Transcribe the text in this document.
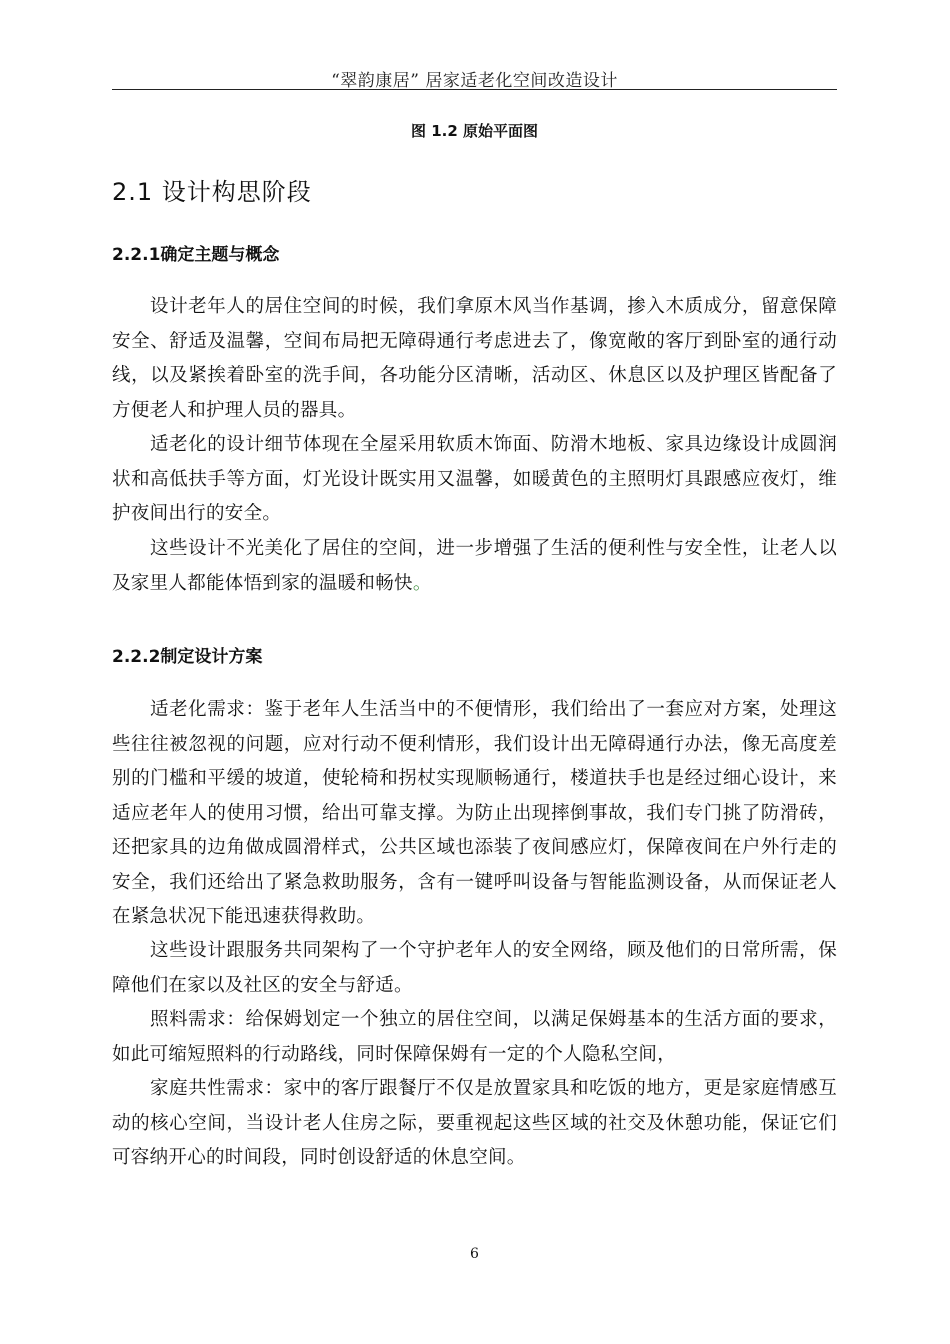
“翠韵康居” 居家适老化空间改造设计
图 1.2 原始平面图
2.1 设计构思阶段
2.2.1确定主题与概念

设计老年人的居住空间的时候，我们拿原木风当作基调，掺入木质成分，留意保障安全、舒适及温馨，空间布局把无障碍通行考虑进去了，像宽敞的客厅到卧室的通行动线，以及紧挨着卧室的洗手间，各功能分区清晰，活动区、休息区以及护理区皆配备了方便老人和护理人员的器具。

适老化的设计细节体现在全屋采用软质木饰面、防滑木地板、家具边缘设计成圆润状和高低扶手等方面，灯光设计既实用又温馨，如暖黄色的主照明灯具跟感应夜灯，维护夜间出行的安全。

这些设计不光美化了居住的空间，进一步增强了生活的便利性与安全性，让老人以及家里人都能体悟到家的温暖和畅快。

2.2.2制定设计方案

适老化需求：鉴于老年人生活当中的不便情形，我们给出了一套应对方案，处理这些往往被忽视的问题，应对行动不便利情形，我们设计出无障碍通行办法，像无高度差别的门槛和平缓的坡道，使轮椅和拐杖实现顺畅通行，楼道扶手也是经过细心设计，来适应老年人的使用习惯，给出可靠支撑。为防止出现摔倒事故，我们专门挑了防滑砖，还把家具的边角做成圆滑样式，公共区域也添装了夜间感应灯，保障夜间在户外行走的安全，我们还给出了紧急救助服务，含有一键呼叫设备与智能监测设备，从而保证老人在紧急状况下能迅速获得救助。

这些设计跟服务共同架构了一个守护老年人的安全网络，顾及他们的日常所需，保障他们在家以及社区的安全与舒适。

照料需求：给保姆划定一个独立的居住空间，以满足保姆基本的生活方面的要求，如此可缩短照料的行动路线，同时保障保姆有一定的个人隐私空间，

家庭共性需求：家中的客厅跟餐厅不仅是放置家具和吃饭的地方，更是家庭情感互动的核心空间，当设计老人住房之际，要重视起这些区域的社交及休憩功能，保证它们可容纳开心的时间段，同时创设舒适的休息空间。

6
